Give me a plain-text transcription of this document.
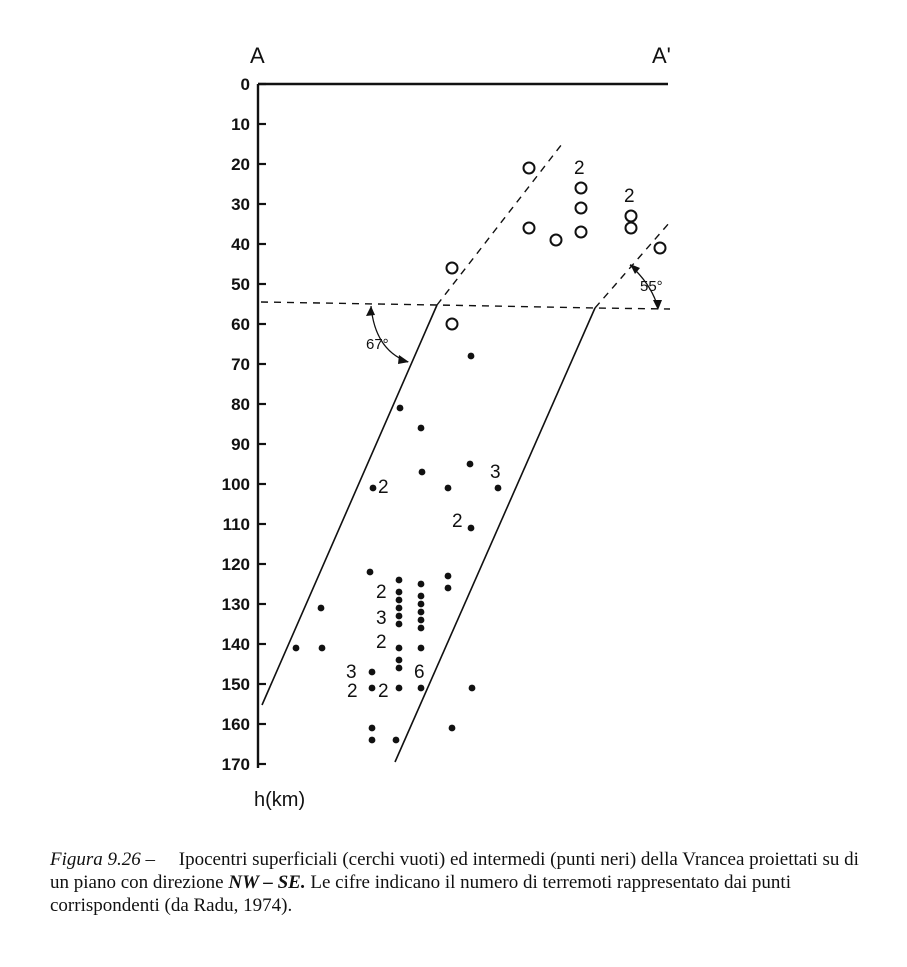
A	A'
0
10
20
30
40
50
60
70
80
90
100
110
120
130
140
150
160
170
67°
55°
2
2
2
3
2
2
3
2
6
3
2 2
h(km)

Figura 9.26 – Ipocentri superficiali (cerchi vuoti) ed intermedi (punti neri) della Vrancea proiettati su di un piano con direzione NW – SE. Le cifre indicano il numero di terremoti rappresentato dai punti corrispondenti (da Radu, 1974).
